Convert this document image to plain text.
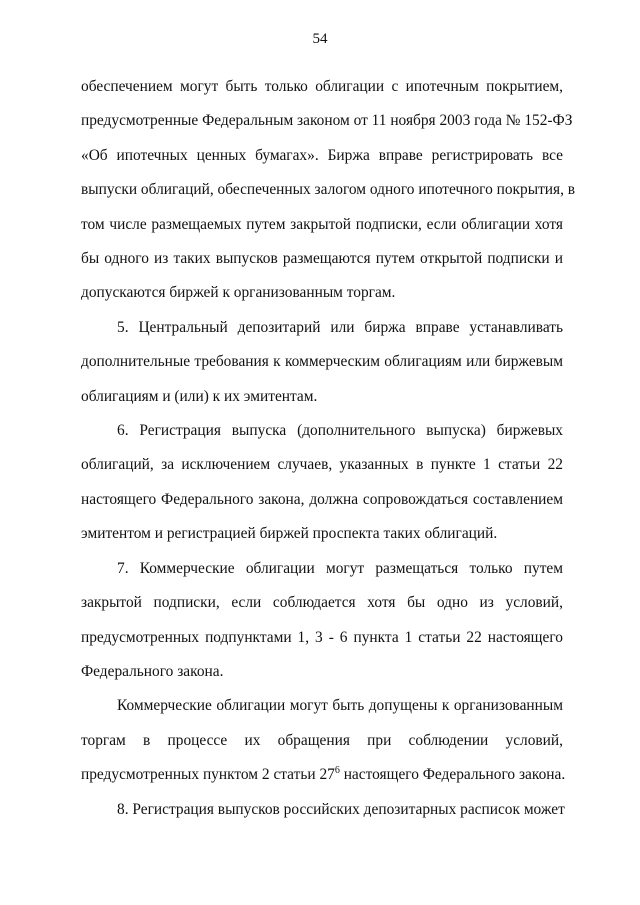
54
обеспечением могут быть только облигации с ипотечным покрытием,
предусмотренные Федеральным законом от 11 ноября 2003 года № 152-ФЗ
«Об ипотечных ценных бумагах». Биржа вправе регистрировать все
выпуски облигаций, обеспеченных залогом одного ипотечного покрытия, в
том числе размещаемых путем закрытой подписки, если облигации хотя
бы одного из таких выпусков размещаются путем открытой подписки и
допускаются биржей к организованным торгам.
5. Центральный депозитарий или биржа вправе устанавливать
дополнительные требования к коммерческим облигациям или биржевым
облигациям и (или) к их эмитентам.
6. Регистрация выпуска (дополнительного выпуска) биржевых
облигаций, за исключением случаев, указанных в пункте 1 статьи 22
настоящего Федерального закона, должна сопровождаться составлением
эмитентом и регистрацией биржей проспекта таких облигаций.
7. Коммерческие облигации могут размещаться только путем
закрытой подписки, если соблюдается хотя бы одно из условий,
предусмотренных подпунктами 1, 3 - 6 пункта 1 статьи 22 настоящего
Федерального закона.
Коммерческие облигации могут быть допущены к организованным
торгам в процессе их обращения при соблюдении условий,
предусмотренных пунктом 2 статьи $27^6$ настоящего Федерального закона.
8. Регистрация выпусков российских депозитарных расписок может
